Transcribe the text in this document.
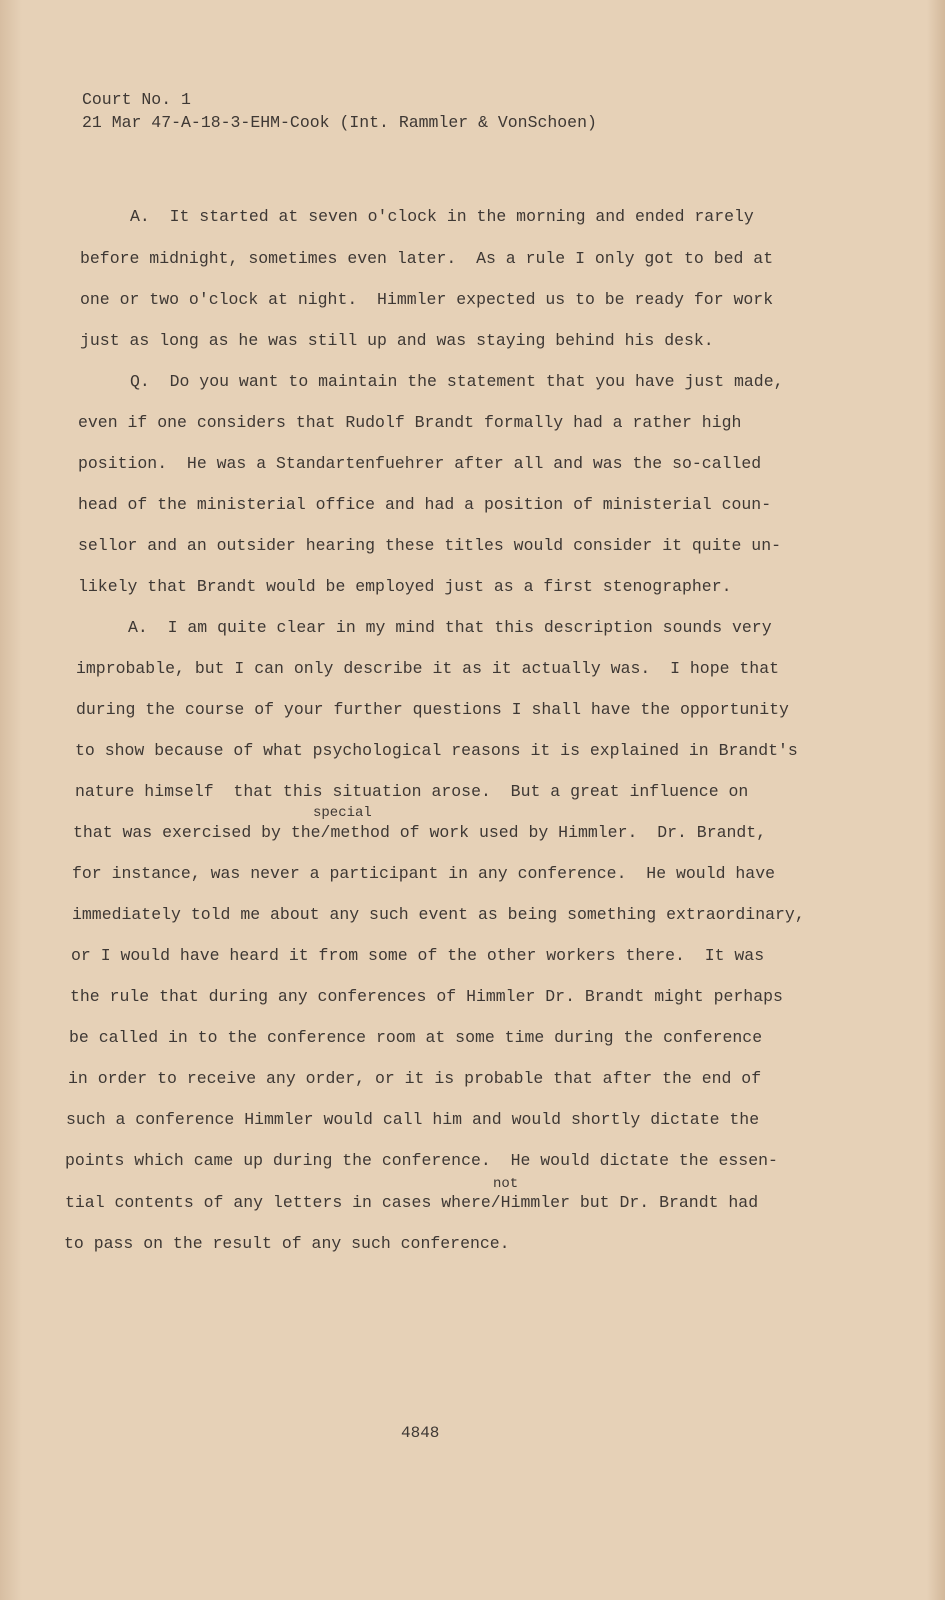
Court No. 1
21 Mar 47-A-18-3-EHM-Cook (Int. Rammler & VonSchoen)
A.  It started at seven o'clock in the morning and ended rarely
before midnight, sometimes even later.  As a rule I only got to bed at
one or two o'clock at night.  Himmler expected us to be ready for work
just as long as he was still up and was staying behind his desk.
Q.  Do you want to maintain the statement that you have just made,
even if one considers that Rudolf Brandt formally had a rather high
position.  He was a Standartenfuehrer after all and was the so-called
head of the ministerial office and had a position of ministerial coun-
sellor and an outsider hearing these titles would consider it quite un-
likely that Brandt would be employed just as a first stenographer.
A.  I am quite clear in my mind that this description sounds very
improbable, but I can only describe it as it actually was.  I hope that
during the course of your further questions I shall have the opportunity
to show because of what psychological reasons it is explained in Brandt's
nature himself  that this situation arose.  But a great influence on
special
that was exercised by the/method of work used by Himmler.  Dr. Brandt,
for instance, was never a participant in any conference.  He would have
immediately told me about any such event as being something extraordinary,
or I would have heard it from some of the other workers there.  It was
the rule that during any conferences of Himmler Dr. Brandt might perhaps
be called in to the conference room at some time during the conference
in order to receive any order, or it is probable that after the end of
such a conference Himmler would call him and would shortly dictate the
points which came up during the conference.  He would dictate the essen-
not
tial contents of any letters in cases where/Himmler but Dr. Brandt had
to pass on the result of any such conference.
4848
